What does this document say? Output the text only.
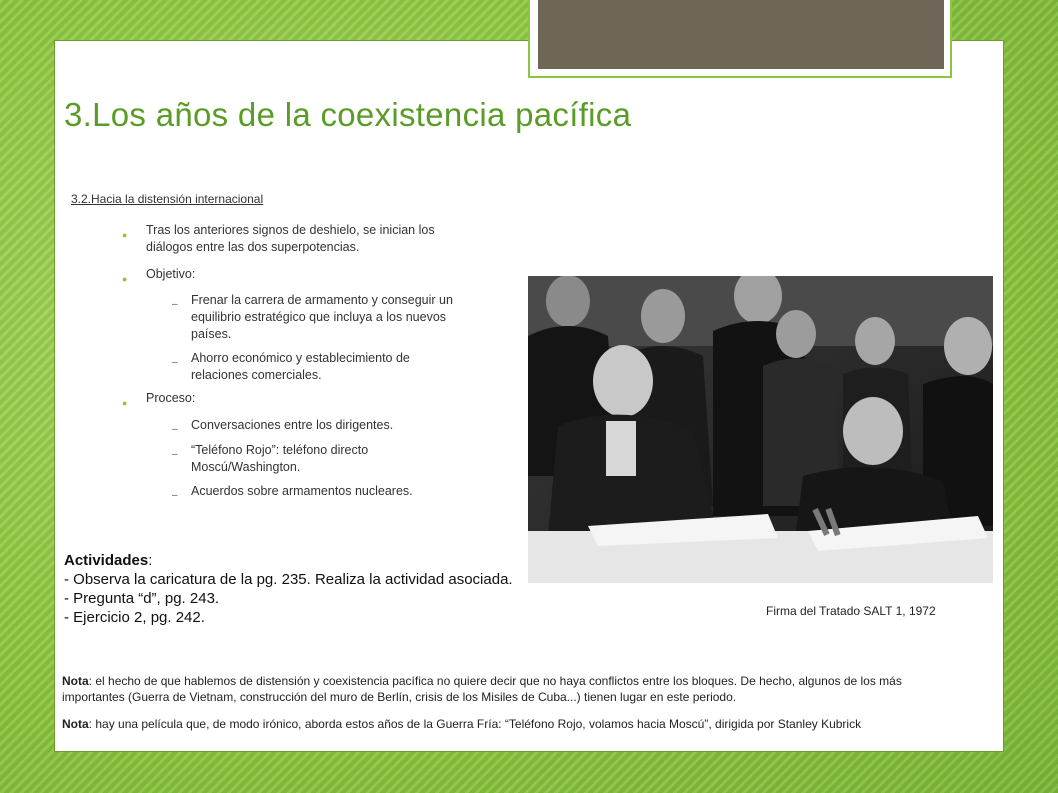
3.Los años de la coexistencia pacífica
3.2.Hacia la distensión internacional
● Tras los anteriores signos de deshielo, se inician los diálogos entre las dos superpotencias.
● Objetivo:
– Frenar la carrera de armamento y conseguir un equilibrio estratégico que incluya a los nuevos países.
– Ahorro económico y establecimiento de relaciones comerciales.
● Proceso:
– Conversaciones entre los dirigentes.
– “Teléfono Rojo”: teléfono directo Moscú/Washington.
– Acuerdos sobre armamentos nucleares.
Firma del Tratado SALT 1, 1972
Actividades:
- Observa la caricatura de la pg. 235. Realiza la actividad asociada.
- Pregunta “d”, pg. 243.
- Ejercicio 2, pg. 242.
Nota: el hecho de que hablemos de distensión y coexistencia pacífica no quiere decir que no haya conflictos entre los bloques. De hecho, algunos de los más importantes (Guerra de Vietnam, construcción del muro de Berlín, crisis de los Misiles de Cuba...) tienen lugar en este periodo.
Nota: hay una película que, de modo irónico, aborda estos años de la Guerra Fría: “Teléfono Rojo, volamos hacia Moscú”, dirigida por Stanley Kubrick
